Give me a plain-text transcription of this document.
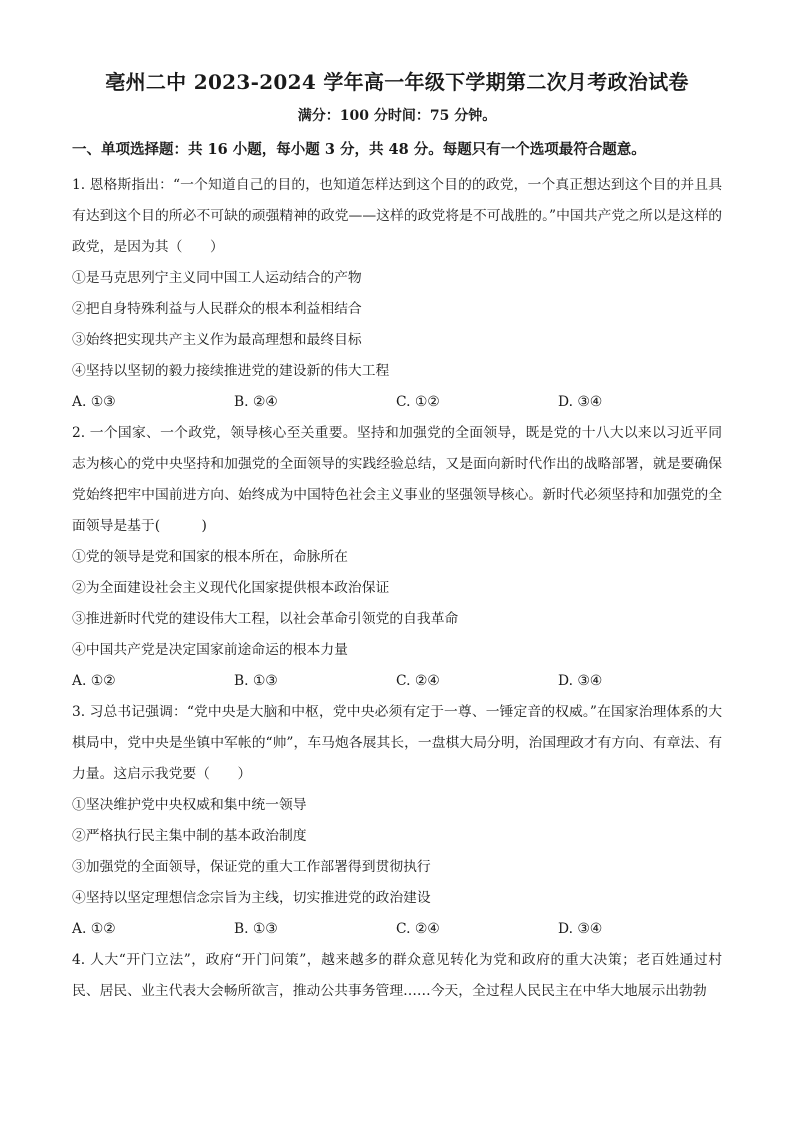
亳州二中 2023-2024 学年高一年级下学期第二次月考政治试卷
满分：100 分时间：75 分钟。
一、单项选择题：共 16 小题，每小题 3 分，共 48 分。每题只有一个选项最符合题意。

1. 恩格斯指出：“一个知道自己的目的，也知道怎样达到这个目的的政党，一个真正想达到这个目的并且具有达到这个目的所必不可缺的顽强精神的政党——这样的政党将是不可战胜的。”中国共产党之所以是这样的政党，是因为其（　　）

①是马克思列宁主义同中国工人运动结合的产物

②把自身特殊利益与人民群众的根本利益相结合

③始终把实现共产主义作为最高理想和最终目标

④坚持以坚韧的毅力接续推进党的建设新的伟大工程

A. ①③	B. ②④	C. ①②	D. ③④

2. 一个国家、一个政党，领导核心至关重要。坚持和加强党的全面领导，既是党的十八大以来以习近平同志为核心的党中央坚持和加强党的全面领导的实践经验总结，又是面向新时代作出的战略部署，就是要确保党始终把牢中国前进方向、始终成为中国特色社会主义事业的坚强领导核心。新时代必须坚持和加强党的全面领导是基于(　　　)

①党的领导是党和国家的根本所在，命脉所在

②为全面建设社会主义现代化国家提供根本政治保证

③推进新时代党的建设伟大工程，以社会革命引领党的自我革命

④中国共产党是决定国家前途命运的根本力量

A. ①②	B. ①③	C. ②④	D. ③④

3. 习总书记强调：“党中央是大脑和中枢，党中央必须有定于一尊、一锤定音的权威。”在国家治理体系的大棋局中，党中央是坐镇中军帐的“帅”，车马炮各展其长，一盘棋大局分明，治国理政才有方向、有章法、有力量。这启示我党要（　　）

①坚决维护党中央权威和集中统一领导

②严格执行民主集中制的基本政治制度

③加强党的全面领导，保证党的重大工作部署得到贯彻执行

④坚持以坚定理想信念宗旨为主线，切实推进党的政治建设

A. ①②	B. ①③	C. ②④	D. ③④

4. 人大“开门立法”，政府“开门问策”，越来越多的群众意见转化为党和政府的重大决策；老百姓通过村民、居民、业主代表大会畅所欲言，推动公共事务管理……今天，全过程人民民主在中华大地展示出勃勃
